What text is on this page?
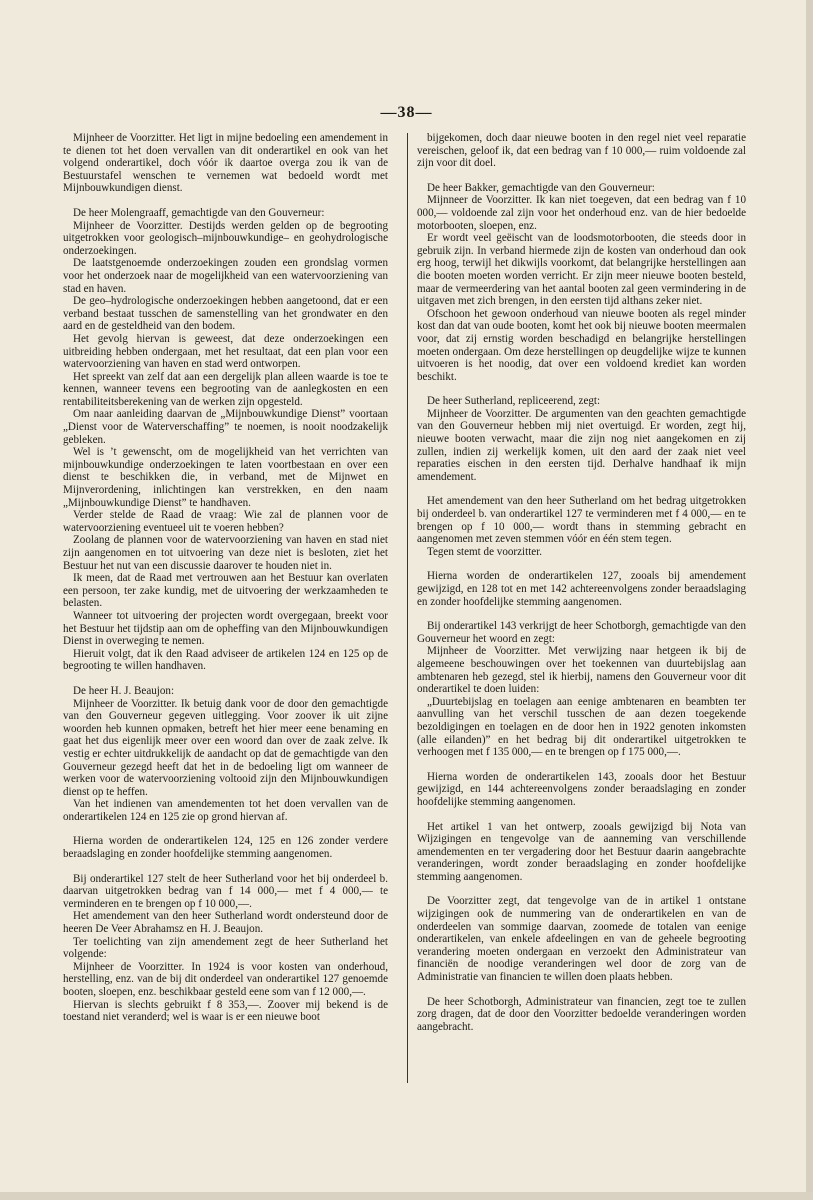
—38—

Mijnheer de Voorzitter. Het ligt in mijne bedoeling een amendement in te dienen tot het doen vervallen van dit onderartikel en ook van het volgend onderartikel, doch vóór ik daartoe overga zou ik van de Bestuurstafel wenschen te vernemen wat bedoeld wordt met Mijnbouwkundigen dienst.

De heer Molengraaff, gemachtigde van den Gouverneur:

Mijnheer de Voorzitter. Destijds werden gelden op de begrooting uitgetrokken voor geologisch–mijnbouwkundige– en geohydrologische onderzoekingen.

De laatstgenoemde onderzoekingen zouden een grondslag vormen voor het onderzoek naar de mogelijkheid van een watervoorziening van stad en haven.

De geo–hydrologische onderzoekingen hebben aangetoond, dat er een verband bestaat tusschen de samenstelling van het grondwater en den aard en de gesteldheid van den bodem.

Het gevolg hiervan is geweest, dat deze onderzoekingen een uitbreiding hebben ondergaan, met het resultaat, dat een plan voor een watervoorziening van haven en stad werd ontworpen.

Het spreekt van zelf dat aan een dergelijk plan alleen waarde is toe te kennen, wanneer tevens een begrooting van de aanlegkosten en een rentabiliteitsberekening van de werken zijn opgesteld.

Om naar aanleiding daarvan de „Mijnbouwkundige Dienst” voortaan „Dienst voor de Waterverschaffing” te noemen, is nooit noodzakelijk gebleken.

Wel is ’t gewenscht, om de mogelijkheid van het verrichten van mijnbouwkundige onderzoekingen te laten voortbestaan en over een dienst te beschikken die, in verband, met de Mijnwet en Mijnverordening, inlichtingen kan verstrekken, en den naam „Mijnbouwkundige Dienst” te handhaven.

Verder stelde de Raad de vraag: Wie zal de plannen voor de watervoorziening eventueel uit te voeren hebben?

Zoolang de plannen voor de watervoorziening van haven en stad niet zijn aangenomen en tot uitvoering van deze niet is besloten, ziet het Bestuur het nut van een discussie daarover te houden niet in.

Ik meen, dat de Raad met vertrouwen aan het Bestuur kan overlaten een persoon, ter zake kundig, met de uitvoering der werkzaamheden te belasten.

Wanneer tot uitvoering der projecten wordt overgegaan, breekt voor het Bestuur het tijdstip aan om de opheffing van den Mijnbouwkundigen Dienst in overweging te nemen.

Hieruit volgt, dat ik den Raad adviseer de artikelen 124 en 125 op de begrooting te willen handhaven.

De heer H. J. Beaujon:

Mijnheer de Voorzitter. Ik betuig dank voor de door den gemachtigde van den Gouverneur gegeven uitlegging. Voor zoover ik uit zijne woorden heb kunnen opmaken, betreft het hier meer eene benaming en gaat het dus eigenlijk meer over een woord dan over de zaak zelve. Ik vestig er echter uitdrukkelijk de aandacht op dat de gemachtigde van den Gouverneur gezegd heeft dat het in de bedoeling ligt om wanneer de werken voor de watervoorziening voltooid zijn den Mijnbouwkundigen dienst op te heffen.

Van het indienen van amendementen tot het doen vervallen van de onderartikelen 124 en 125 zie op grond hiervan af.

Hierna worden de onderartikelen 124, 125 en 126 zonder verdere beraadslaging en zonder hoofdelijke stemming aangenomen.

Bij onderartikel 127 stelt de heer Sutherland voor het bij onderdeel b. daarvan uitgetrokken bedrag van f 14 000,— met f 4 000,— te verminderen en te brengen op f 10 000,—.

Het amendement van den heer Sutherland wordt ondersteund door de heeren De Veer Abrahamsz en H. J. Beaujon.

Ter toelichting van zijn amendement zegt de heer Sutherland het volgende:

Mijnheer de Voorzitter. In 1924 is voor kosten van onderhoud, herstelling, enz. van de bij dit onderdeel van onderartikel 127 genoemde booten, sloepen, enz. beschikbaar gesteld eene som van f 12 000,—.

Hiervan is slechts gebruikt f 8 353,—. Zoover mij bekend is de toestand niet veranderd; wel is waar is er een nieuwe boot

bijgekomen, doch daar nieuwe booten in den regel niet veel reparatie vereischen, geloof ik, dat een bedrag van f 10 000,— ruim voldoende zal zijn voor dit doel.

De heer Bakker, gemachtigde van den Gouverneur:

Mijnneer de Voorzitter. Ik kan niet toegeven, dat een bedrag van f 10 000,— voldoende zal zijn voor het onderhoud enz. van de hier bedoelde motorbooten, sloepen, enz.

Er wordt veel geëischt van de loodsmotorbooten, die steeds door in gebruik zijn. In verband hiermede zijn de kosten van onderhoud dan ook erg hoog, terwijl het dikwijls voorkomt, dat belangrijke herstellingen aan die booten moeten worden verricht. Er zijn meer nieuwe booten besteld, maar de vermeerdering van het aantal booten zal geen vermindering in de uitgaven met zich brengen, in den eersten tijd althans zeker niet.

Ofschoon het gewoon onderhoud van nieuwe booten als regel minder kost dan dat van oude booten, komt het ook bij nieuwe booten meermalen voor, dat zij ernstig worden beschadigd en belangrijke herstellingen moeten ondergaan. Om deze herstellingen op deugdelijke wijze te kunnen uitvoeren is het noodig, dat over een voldoend krediet kan worden beschikt.

De heer Sutherland, repliceerend, zegt:

Mijnheer de Voorzitter. De argumenten van den geachten gemachtigde van den Gouverneur hebben mij niet overtuigd. Er worden, zegt hij, nieuwe booten verwacht, maar die zijn nog niet aangekomen en zij zullen, indien zij werkelijk komen, uit den aard der zaak niet veel reparaties eischen in den eersten tijd. Derhalve handhaaf ik mijn amendement.

Het amendement van den heer Sutherland om het bedrag uitgetrokken bij onderdeel b. van onderartikel 127 te verminderen met f 4 000,— en te brengen op f 10 000,— wordt thans in stemming gebracht en aangenomen met zeven stemmen vóór en één stem tegen.

Tegen stemt de voorzitter.

Hierna worden de onderartikelen 127, zooals bij amendement gewijzigd, en 128 tot en met 142 achtereenvolgens zonder beraadslaging en zonder hoofdelijke stemming aangenomen.

Bij onderartikel 143 verkrijgt de heer Schotborgh, gemachtigde van den Gouverneur het woord en zegt:

Mijnheer de Voorzitter. Met verwijzing naar hetgeen ik bij de algemeene beschouwingen over het toekennen van duurtebijslag aan ambtenaren heb gezegd, stel ik hierbij, namens den Gouverneur voor dit onderartikel te doen luiden:

„Duurtebijslag en toelagen aan eenige ambtenaren en beambten ter aanvulling van het verschil tusschen de aan dezen toegekende bezoldigingen en toelagen en de door hen in 1922 genoten inkomsten (alle eilanden)” en het bedrag bij dit onderartikel uitgetrokken te verhoogen met f 135 000,— en te brengen op f 175 000,—.

Hierna worden de onderartikelen 143, zooals door het Bestuur gewijzigd, en 144 achtereenvolgens zonder beraadslaging en zonder hoofdelijke stemming aangenomen.

Het artikel 1 van het ontwerp, zooals gewijzigd bij Nota van Wijzigingen en tengevolge van de aanneming van verschillende amendementen en ter vergadering door het Bestuur daarin aangebrachte veranderingen, wordt zonder beraadslaging en zonder hoofdelijke stemming aangenomen.

De Voorzitter zegt, dat tengevolge van de in artikel 1 ontstane wijzigingen ook de nummering van de onderartikelen en van de onderdeelen van sommige daarvan, zoomede de totalen van eenige onderartikelen, van enkele afdeelingen en van de geheele begrooting verandering moeten ondergaan en verzoekt den Administrateur van financiën de noodige veranderingen wel door de zorg van de Administratie van financien te willen doen plaats hebben.

De heer Schotborgh, Administrateur van financien, zegt toe te zullen zorg dragen, dat de door den Voorzitter bedoelde veranderingen worden aangebracht.
